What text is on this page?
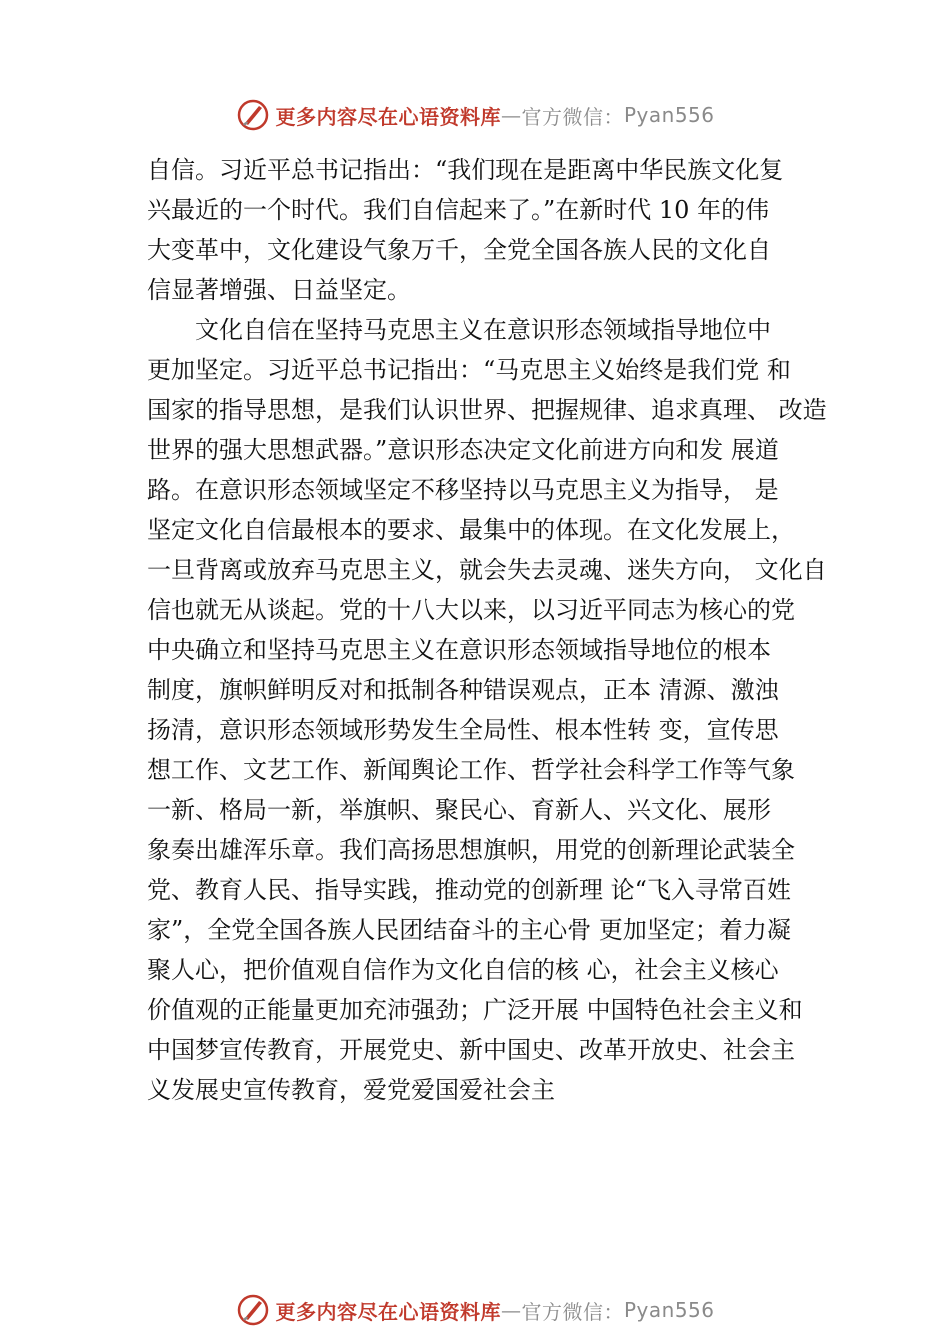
更多内容尽在心语资料库 — 官方微信： Pyan556
自信。习近平总书记指出：“我们现在是距离中华民族文化复
兴最近的一个时代。我们自信起来了。”在新时代 10 年的伟
大变革中，文化建设气象万千，全党全国各族人民的文化自
信显著增强、日益坚定。
　　文化自信在坚持马克思主义在意识形态领域指导地位中
更加坚定。习近平总书记指出：“马克思主义始终是我们党 和
国家的指导思想，是我们认识世界、把握规律、追求真理、 改造
世界的强大思想武器。”意识形态决定文化前进方向和发 展道
路。在意识形态领域坚定不移坚持以马克思主义为指导， 是
坚定文化自信最根本的要求、最集中的体现。在文化发展上，
一旦背离或放弃马克思主义，就会失去灵魂、迷失方向， 文化自
信也就无从谈起。党的十八大以来，以习近平同志为核心的党
中央确立和坚持马克思主义在意识形态领域指导地位的根本
制度，旗帜鲜明反对和抵制各种错误观点，正本 清源、激浊
扬清，意识形态领域形势发生全局性、根本性转 变，宣传思
想工作、文艺工作、新闻舆论工作、哲学社会科学工作等气象
一新、格局一新，举旗帜、聚民心、育新人、兴文化、展形
象奏出雄浑乐章。我们高扬思想旗帜，用党的创新理论武装全
党、教育人民、指导实践，推动党的创新理 论“飞入寻常百姓
家”，全党全国各族人民团结奋斗的主心骨 更加坚定；着力凝
聚人心，把价值观自信作为文化自信的核 心，社会主义核心
价值观的正能量更加充沛强劲；广泛开展 中国特色社会主义和
中国梦宣传教育，开展党史、新中国史、改革开放史、社会主
义发展史宣传教育，爱党爱国爱社会主
更多内容尽在心语资料库 — 官方微信： Pyan556
